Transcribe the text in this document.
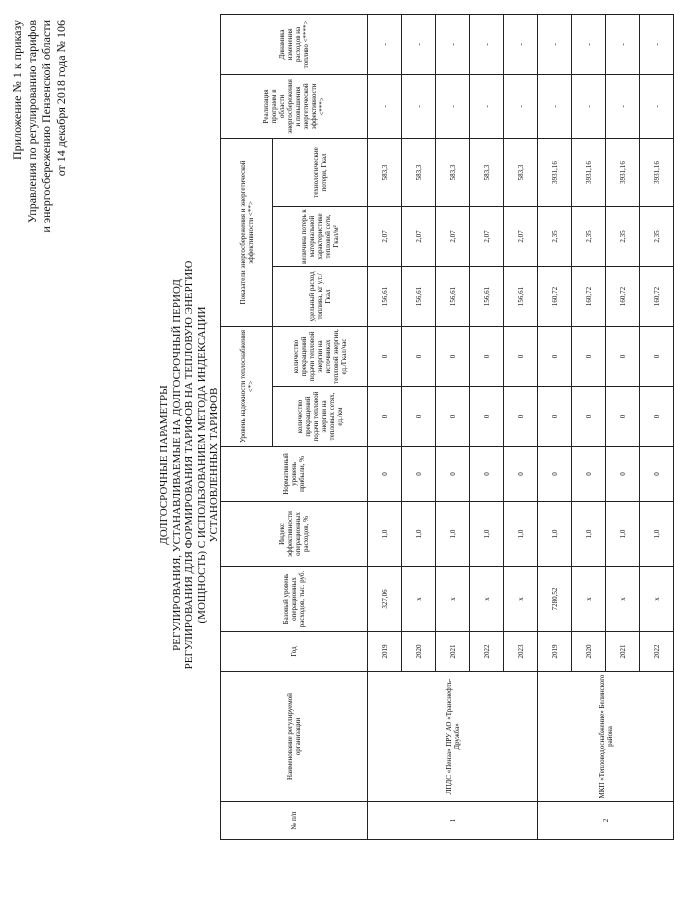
Приложение № 1 к приказу Управления по регулированию тарифов и энергосбережению Пензенской области от 14 декабря 2018 года № 106
ДОЛГОСРОЧНЫЕ ПАРАМЕТРЫ РЕГУЛИРОВАНИЯ, УСТАНАВЛИВАЕМЫЕ НА ДОЛГОСРОЧНЫЙ ПЕРИОД РЕГУЛИРОВАНИЯ ДЛЯ ФОРМИРОВАНИЯ ТАРИФОВ НА ТЕПЛОВУЮ ЭНЕРГИЮ (МОЩНОСТЬ) С ИСПОЛЬЗОВАНИЕМ МЕТОДА ИНДЕКСАЦИИ УСТАНОВЛЕННЫХ ТАРИФОВ
№ п/п	Наименование регулируемой организации	Год	Базовый уровень операционных расходов, тыс. руб.	Индекс эффективности операционных расходов, %	Нормативный уровень прибыли, %	Уровень надежности теплоснабжения <*>		Показатели энергосбережения и энергетической эффективности <**>			Реализация программ в области энергосбережения и повышения энергетической эффективности <***>	Динамика изменения расходов на топливо <****>
						количество прекращений подачи тепловой энергии на тепловых сетях, ед./км	количество прекращений подачи тепловой энергии на источниках тепловой энергии, ед./Гкал/час	удельный расход топлива, кг у.т./Гкал	величина потерь к материальной характеристике тепловой сети, Гкал/м²	технологические потери, Гкал		
1	ЛПДС «Пенза» ПРУ АО «Транснефть-Дружба»	2019	327,06	1,0	0	0	0	156,61	2,07	583,3	-	-
		2020	х	1,0	0	0	0	156,61	2,07	583,3	-	-
		2021	х	1,0	0	0	0	156,61	2,07	583,3	-	-
		2022	х	1,0	0	0	0	156,61	2,07	583,3	-	-
		2023	х	1,0	0	0	0	156,61	2,07	583,3	-	-
2	МКП «Тепловодоснабжение» Белинского района	2019	7280,52	1,0	0	0	0	160,72	2,35	3931,16	-	-
		2020	х	1,0	0	0	0	160,72	2,35	3931,16	-	-
		2021	х	1,0	0	0	0	160,72	2,35	3931,16	-	-
		2022	х	1,0	0	0	0	160,72	2,35	3931,16	-	-
